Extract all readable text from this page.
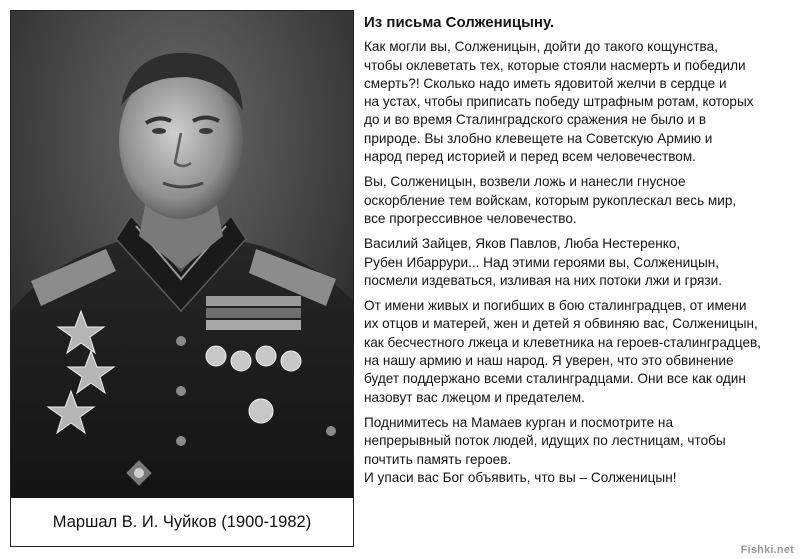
Маршал В. И. Чуйков (1900-1982)
Из письма Солженицыну.
Как могли вы, Солженицын, дойти до такого кощунства,
чтобы оклеветать тех, которые стояли насмерть и победили
смерть?! Сколько надо иметь ядовитой желчи в сердце и
на устах, чтобы приписать победу штрафным ротам, которых
до и во время Сталинградского сражения не было и в
природе. Вы злобно клевещете на Советскую Армию и
народ перед историей и перед всем человечеством.
Вы, Солженицын, возвели ложь и нанесли гнусное
оскорбление тем войскам, которым рукоплескал весь мир,
все прогрессивное человечество.
Василий Зайцев, Яков Павлов, Люба Нестеренко,
Рубен Ибаррури... Над этими героями вы, Солженицын,
посмели издеваться, изливая на них потоки лжи и грязи.
От имени живых и погибших в бою сталинградцев, от имени
их отцов и матерей, жен и детей я обвиняю вас, Солженицын,
как бесчестного лжеца и клеветника на героев-сталинградцев,
на нашу армию и наш народ. Я уверен, что это обвинение
будет поддержано всеми сталинградцами. Они все как один
назовут вас лжецом и предателем.
Поднимитесь на Мамаев курган и посмотрите на
непрерывный поток людей, идущих по лестницам, чтобы
почтить память героев.
И упаси вас Бог объявить, что вы – Солженицын!
Fishki.net
